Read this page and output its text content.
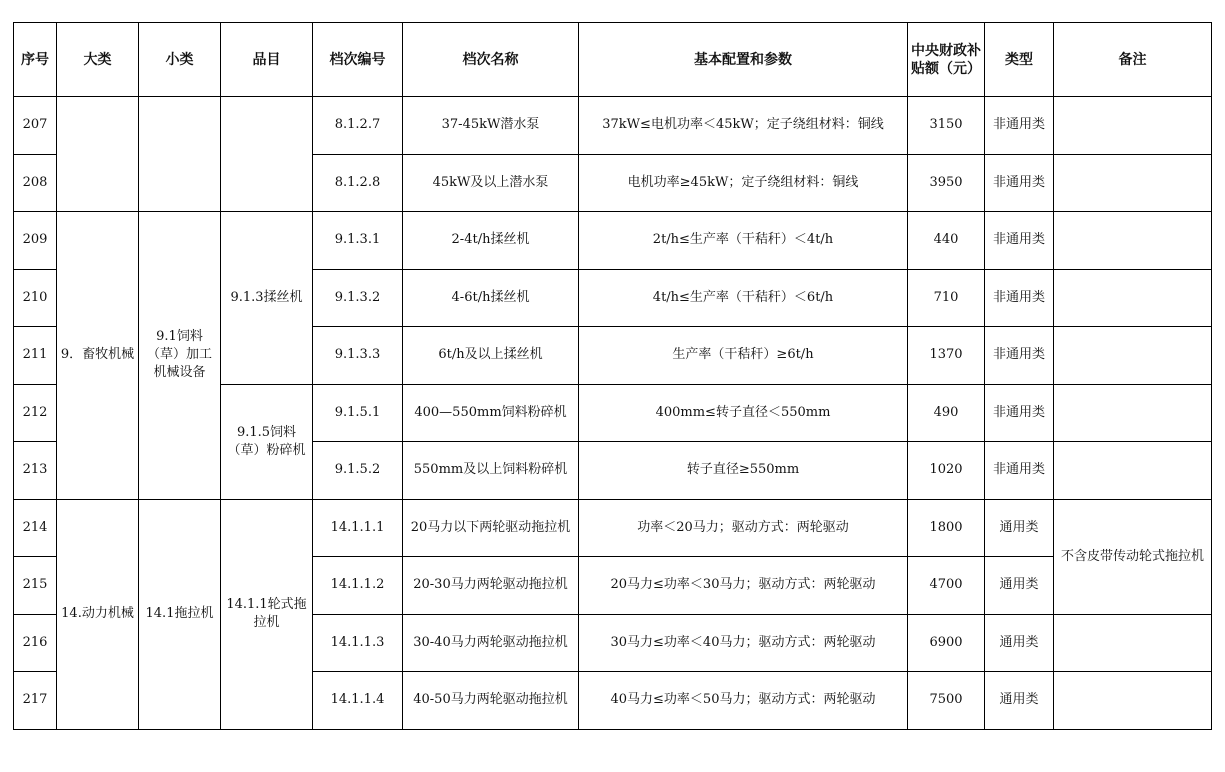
序号	大类	小类	品目	档次编号	档次名称	基本配置和参数	中央财政补贴额（元）	类型	备注
207				8.1.2.7	37-45kW潜水泵	37kW≤电机功率＜45kW；定子绕组材料：铜线	3150	非通用类	
208				8.1.2.8	45kW及以上潜水泵	电机功率≥45kW；定子绕组材料：铜线	3950	非通用类	
209	9．畜牧机械	9.1饲料（草）加工机械设备	9.1.3揉丝机	9.1.3.1	2-4t/h揉丝机	2t/h≤生产率（干秸秆）＜4t/h	440	非通用类	
210				9.1.3.2	4-6t/h揉丝机	4t/h≤生产率（干秸秆）＜6t/h	710	非通用类	
211				9.1.3.3	6t/h及以上揉丝机	生产率（干秸秆）≥6t/h	1370	非通用类	
212			9.1.5饲料（草）粉碎机	9.1.5.1	400—550mm饲料粉碎机	400mm≤转子直径＜550mm	490	非通用类	
213				9.1.5.2	550mm及以上饲料粉碎机	转子直径≥550mm	1020	非通用类	
214	14.动力机械	14.1拖拉机	14.1.1轮式拖拉机	14.1.1.1	20马力以下两轮驱动拖拉机	功率＜20马力；驱动方式：两轮驱动	1800	通用类	不含皮带传动轮式拖拉机
215				14.1.1.2	20-30马力两轮驱动拖拉机	20马力≤功率＜30马力；驱动方式：两轮驱动	4700	通用类	
216				14.1.1.3	30-40马力两轮驱动拖拉机	30马力≤功率＜40马力；驱动方式：两轮驱动	6900	通用类	
217				14.1.1.4	40-50马力两轮驱动拖拉机	40马力≤功率＜50马力；驱动方式：两轮驱动	7500	通用类	
